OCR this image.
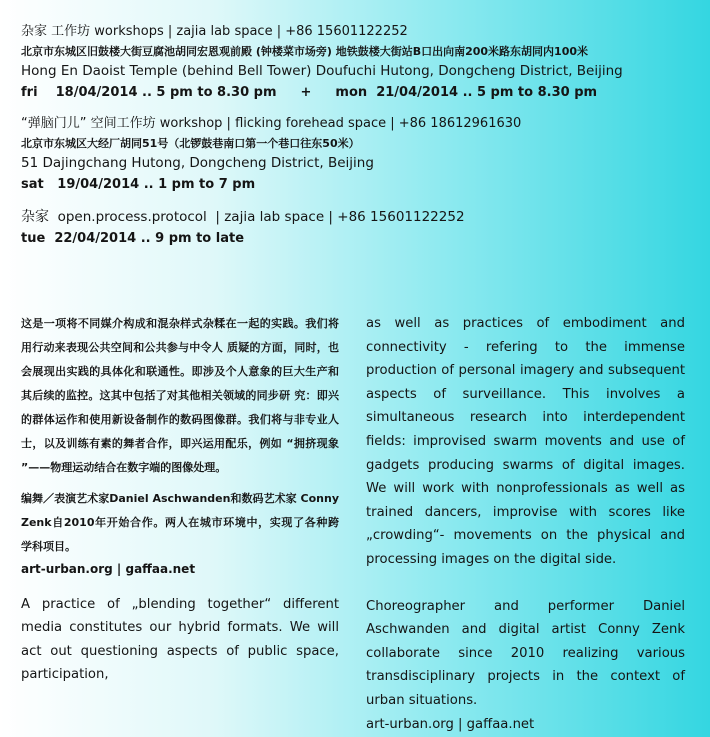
杂家 工作坊 workshops | zajia lab space | +86 15601122252
北京市东城区旧鼓楼大街豆腐池胡同宏恩观前殿 (钟楼菜市场旁) 地铁鼓楼大街站B口出向南200米路东胡同内100米
Hong En Daoist Temple (behind Bell Tower) Doufuchi Hutong, Dongcheng District, Beijing
fri    18/04/2014 .. 5 pm to 8.30 pm + mon  21/04/2014 .. 5 pm to 8.30 pm
“弹脑门儿” 空间工作坊 workshop | flicking forehead space | +86 18612961630
北京市东城区大经厂胡同51号（北锣鼓巷南口第一个巷口往东50米）
51 Dajingchang Hutong, Dongcheng District, Beijing
sat   19/04/2014 .. 1 pm to 7 pm
杂家  open.process.protocol  | zajia lab space | +86 15601122252
tue  22/04/2014 .. 9 pm to late

这是一项将不同媒介构成和混杂样式杂糅在一起的实践。我们将用行动来表现公共空间和公共参与中令人 质疑的方面，同时，也会展现出实践的具体化和联通性。即涉及个人意象的巨大生产和其后续的监控。这其中包括了对其他相关领域的同步研 究：即兴的群体运作和使用新设备制作的数码图像群。我们将与非专业人士，以及训练有素的舞者合作，即兴运用配乐，例如 “拥挤现象 ”——物理运动结合在数字端的图像处理。

编舞／表演艺术家Daniel Aschwanden和数码艺术家 Conny Zenk自2010年开始合作。两人在城市环境中，实现了各种跨 学科项目。

art-urban.org | gaffaa.net

A practice of „blending together“ different media constitutes our hybrid formats. We will act out questioning aspects of public space, participation,

as well as practices of embodiment and connectivity - refering to the immense production of personal imagery and subsequent aspects of surveillance. This involves a simultaneous research into interdependent fields: improvised swarm movents and use of gadgets producing swarms of digital images. We will work with nonprofessionals as well as trained dancers, improvise with scores like „crowding“- movements on the physical and processing images on the digital side.

Choreographer and performer Daniel Aschwanden and digital artist Conny Zenk collaborate since 2010 realizing various transdisciplinary projects in the context of urban situations.

art-urban.org | gaffaa.net
